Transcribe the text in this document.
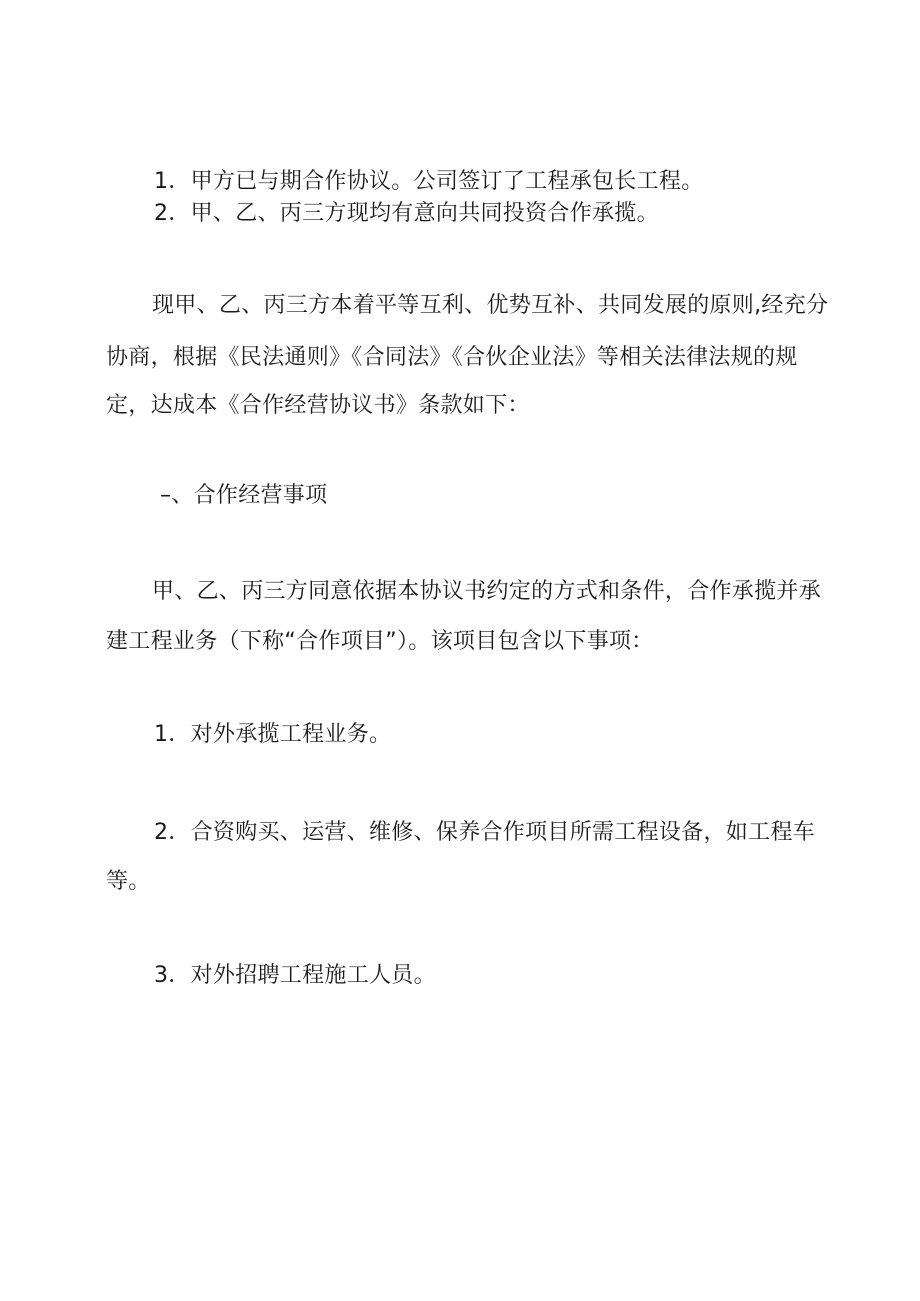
1．甲方已与期合作协议。公司签订了工程承包长工程。
2．甲、乙、丙三方现均有意向共同投资合作承揽。
现甲、乙、丙三方本着平等互利、优势互补、共同发展的原则,经充分
协商，根据《民法通则》《合同法》《合伙企业法》等相关法律法规的规
定，达成本《合作经营协议书》条款如下：
–、合作经营事项
甲、乙、丙三方同意依据本协议书约定的方式和条件，合作承揽并承
建工程业务（下称“合作项目”）。该项目包含以下事项：
1．对外承揽工程业务。
2．合资购买、运营、维修、保养合作项目所需工程设备，如工程车
等。
3．对外招聘工程施工人员。
